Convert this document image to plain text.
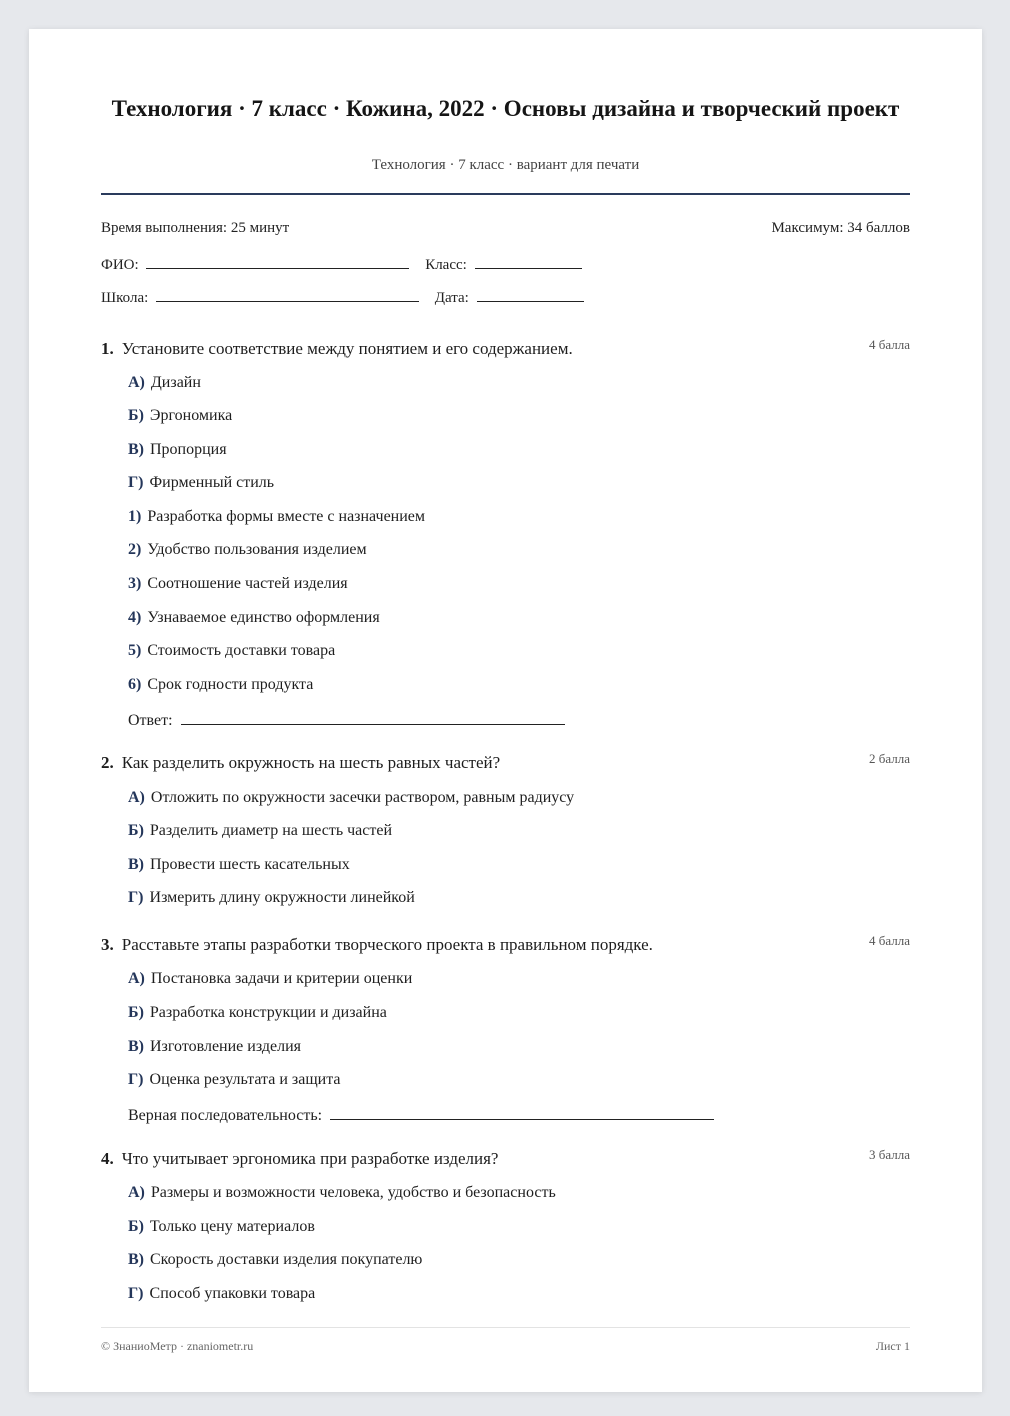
Технология · 7 класс · Кожина, 2022 · Основы дизайна и творческий проект
Технология · 7 класс · вариант для печати
Время выполнения: 25 минут	Максимум: 34 баллов
ФИО:	Класс:
Школа:	Дата:
1. Установите соответствие между понятием и его содержанием.	4 балла
А) Дизайн
Б) Эргономика
В) Пропорция
Г) Фирменный стиль
1) Разработка формы вместе с назначением
2) Удобство пользования изделием
3) Соотношение частей изделия
4) Узнаваемое единство оформления
5) Стоимость доставки товара
6) Срок годности продукта
Ответ:
2. Как разделить окружность на шесть равных частей?	2 балла
А) Отложить по окружности засечки раствором, равным радиусу
Б) Разделить диаметр на шесть частей
В) Провести шесть касательных
Г) Измерить длину окружности линейкой
3. Расставьте этапы разработки творческого проекта в правильном порядке.	4 балла
А) Постановка задачи и критерии оценки
Б) Разработка конструкции и дизайна
В) Изготовление изделия
Г) Оценка результата и защита
Верная последовательность:
4. Что учитывает эргономика при разработке изделия?	3 балла
А) Размеры и возможности человека, удобство и безопасность
Б) Только цену материалов
В) Скорость доставки изделия покупателю
Г) Способ упаковки товара
© ЗнаниоМетр · znaniometr.ru	Лист 1
